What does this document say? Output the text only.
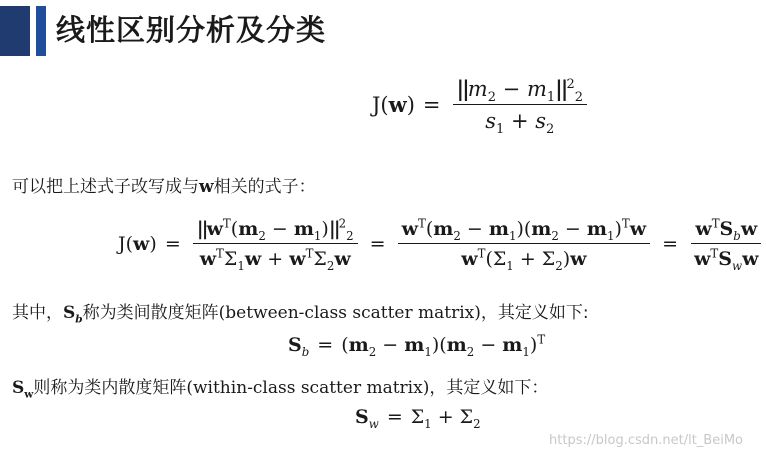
线性区别分析及分类
$J(w) = \frac{||m_2 - m_1||^2_2}{s_1 + s_2}$
可以把上述式子改写成与w相关的式子：
$J(w) = \frac{||w^T(m_2 - m_1)||^2_2}{w^T\Sigma_1w + w^T\Sigma_2w} = \frac{w^T(m_2 - m_1)(m_2 - m_1)^Tw}{w^T(\Sigma_1 + \Sigma_2)w} = \frac{w^TS_bw}{w^TS_ww}$
其中，$S_b$称为类间散度矩阵(between-class scatter matrix)，其定义如下:
$S_b = (m_2 - m_1)(m_2 - m_1)^T$
$S_w$则称为类内散度矩阵(within-class scatter matrix)，其定义如下：
$S_w = \Sigma_1 + \Sigma_2$
https://blog.csdn.net/lt_BeiMo
